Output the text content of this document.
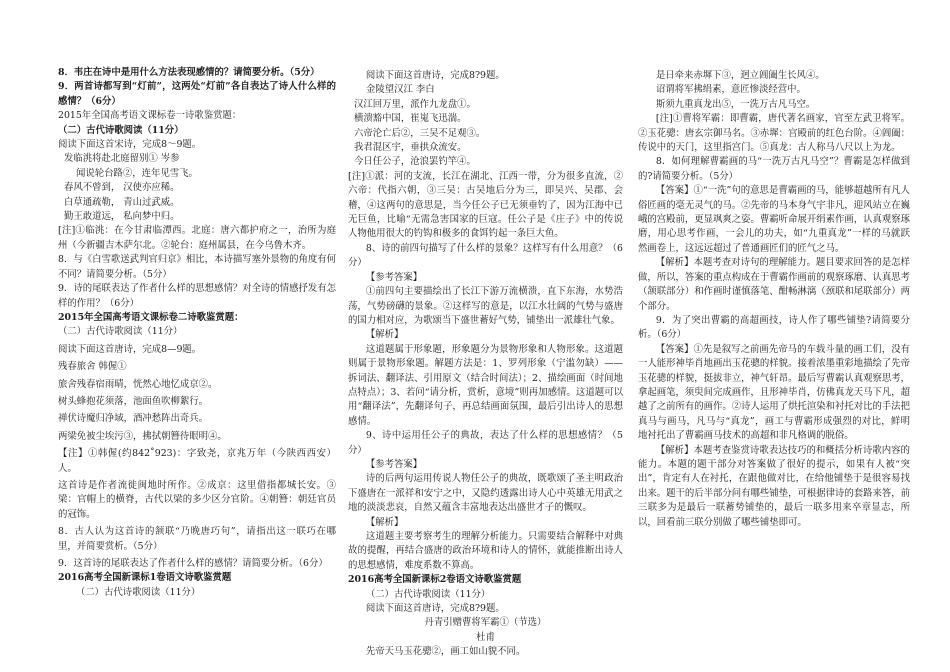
8．韦庄在诗中是用什么方法表现感情的？请简要分析。（5分）
9．两首诗都写到“灯前”，这两处“灯前”各自表达了诗人什么样的感情？（6分）
2015年全国高考语文课标卷一诗歌鉴赏题：
（二）古代诗歌阅读（11分）
阅读下面这首宋诗，完成8～9题。
发临洮将赴北庭留别① 岑参
闻说轮台路②，连年见雪飞。
春风不曾到， 汉使亦应稀。
白草通疏勒， 青山过武威。
勤王敢道远， 私向梦中归。
[注]①临洮：在今甘肃临潭西。北庭：唐六都护府之一，治所为庭州（今新疆吉木萨尔北。②轮台：庭州属县，在今乌鲁木齐。
8．与《白雪歌送武判官归京》相比，本诗描写塞外景物的角度有何不同？请简要分析。（5分）
9．诗的尾联表达了作者什么样的思想感情？对全诗的情感抒发有怎样的作用？（6分）
2015年全国高考语文课标卷二诗歌鉴赏题：
（二）古代诗歌阅读（11分）
阅读下面这首唐诗，完成8—9题。
残春旅舍 韩偓①
旅舍残春宿雨晴，恍然心地忆成京②。
树头蜂抱花须落，池面鱼吹柳絮行。
禅伏诗魔归净域，酒冲愁阵出奇兵。
两梁免被尘埃污③，拂拭朝簪待眼明④。
【注】①韩偓(约842˚923)：字致尧，京兆万年（今陕西西安）人。
这首诗是作者流徙闽地时所作。②成京：这里借指都城长安。③梁：官帽上的横脊，古代以梁的多少区分官阶。④朝簪：朝廷官员的冠饰。
8．古人认为这首诗的颔联“乃晚唐巧句”，请指出这一联巧在哪里，并简要赏析。（5分）
9．这首诗的尾联表达了作者什么样的感情？请简要分析。（6分）
2016高考全国新课标1卷语文诗歌鉴赏题
（二）古代诗歌阅读（11分）
阅读下面这首唐诗，完成8?9题。
金陵望汉江 李白
汉江回万里，派作九龙盘①。
横溃豁中国，崔嵬飞迅湍。
六帝沦亡后②，三吴不足观③。
我君混区宇，垂拱众流安。
今日任公子，沧浪罢钓竿④。
[注]①派：河的支流，长江在湖北、江西一带，分为很多直流，②六帝：代指六朝，③三吴：古吴地后分为三，即吴兴、吴郡、会稽，④这两句的意思是，当今任公子已无须垂钓了，因为江海中已无巨鱼，比喻“无需急害国家的巨寇。任公子是《庄子》中的传说人物他用很大的钓钩和极多的食饵钓起一条巨大鱼。
8、诗的前四句描写了什么样的景象？这样写有什么用意？（6分）
【参考答案】
①前四句主要描绘出了长江下游万流横溃，直下东海，水势浩荡，气势磅礴的景象。②这样写的意是，以江水壮阔的气势与盛唐的国力相对应，为歌颂当下盛世蓄好气势，铺垫出一派雄壮气象。
【解析】
这道题属于形象题，形象题分为景物形象和人物形象。这道题则属于景物形象题。解题方法是：1、罗列形象（宁滥勿缺）——拆词法、翻译法、引用原文（结合时间法）；2、描绘画面（时间地点特点）；3、若问“请分析，赏析，意境”则再加感情。这道题可以用“翻译法”，先翻译句子，再总结画面氛围，最后引出诗人的思想感情。
9、诗中运用任公子的典故，表达了什么样的思想感情？（5分）
【参考答案】
诗的后两句运用传说人物任公子的典故，既歌颂了圣主明政治下盛唐在一派祥和安宁之中，又隐约透露出诗人心中英雄无用武之地的淡淡悲哀，自然又蕴含丰富地表达出盛世才子的慨叹。
【解析】
这道题主要考察考生的理解分析能力。只需要结合解释中对典故的提醒，再结合盛唐的政治环境和诗人的情怀，就能推断出诗人的思想感情，难度系数不算高。
2016高考全国新课标2卷语文诗歌鉴赏题
（二）古代诗歌阅读（11分）
阅读下面这首唐诗，完成8?9题。
丹青引赠曹将军霸①（节选）
杜甫
先帝天马玉花骢②，画工如山貌不同。
是日牵来赤墀下③，迥立阊阖生长风④。
诏谓将军拂绢素，意匠惨淡经营中。
斯须九重真龙出⑤，一洗万古凡马空。
[注]①曹将军霸：即曹霸，唐代著名画家，官至左武卫将军。②玉花骢：唐玄宗御马名。③赤墀：宫殿前的红色台阶。④阊阖：传说中的天门，这里指宫门。⑤真龙：古人称马八尺以上为龙。
8．如何理解曹霸画的马“一洗万古凡马空”？曹霸是怎样做到的?请简要分析。（5分）
【答案】①“一洗”句的意思是曹霸画的马，能够超越所有凡人俗匠画的毫无灵气的马。②先帝的马本身气宇非凡，迎风站立在巍峨的宫殿前，更显飒爽之姿。曹霸听命展开绢素作画，认真观察琢磨，用心思考作画，一会儿的功夫，如“九重真龙”一样的马就跃然画卷上，这远远超过了普通画匠们的匠气之马。
【解析】本题考查对诗句的理解能力。题目要求回答的是怎样做，所以，答案的重点构成在于曹霸作画前的观察琢磨、认真思考（颔联部分）和作画时谨慎落笔、酣畅淋漓（颈联和尾联部分）两个部分。
9．为了突出曹霸的高超画技，诗人作了哪些铺垫?请简要分析。（6分）
【答案】①先是叙写之前画先帝马的车载斗量的画工们，没有一人能形神毕肖地画出玉花骢的样貌。接着浓墨重彩地描绘了先帝玉花骢的样貌，挺拔非立，神气轩昂。最后写曹霸认真观察思考，拿起画笔，须臾间完成画作，且形神毕肖，仿佛真龙天马下凡，超越了之前所有的画作。②诗人运用了烘托渲染和衬托对比的手法把真马与画马，凡马与“真龙”，画工与曹霸形成强烈的对比，鲜明地衬托出了曹霸画马技术的高超和非凡格调的脱俗。
【解析】本题考查鉴赏诗歌表达技巧的和概括分析诗歌内容的能力。本题的题干部分对答案做了很好的提示，如果有人被“突出”，肯定有人在衬托，在跟他做对比，在给他铺垫于是很容易找出来。题干的后半部分问有哪些铺垫，可根据律诗的套路来答，前三联多为是最后一联蓄势铺垫的，最后一联多用来卒章显志，所以，回看前三联分别做了哪些铺垫即可。
